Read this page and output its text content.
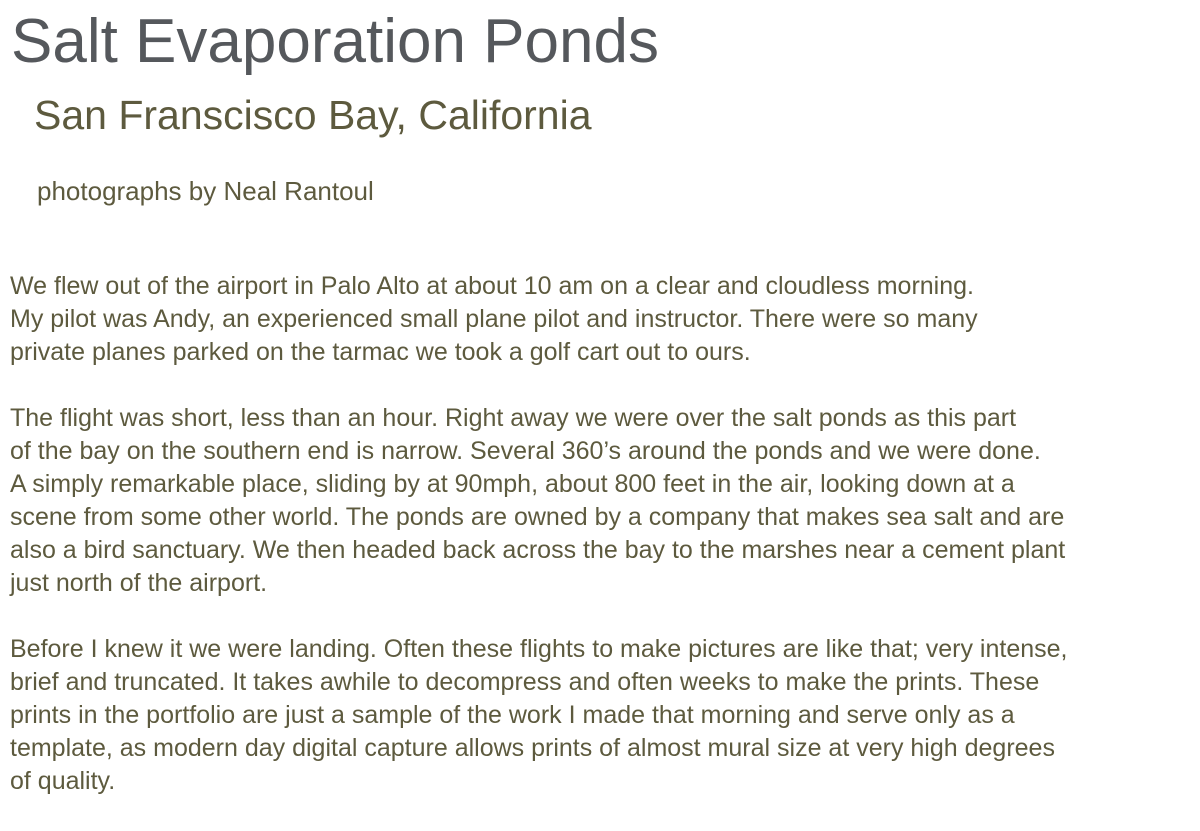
Salt Evaporation Ponds
San Franscisco Bay, California

photographs by Neal Rantoul

We flew out of the airport in Palo Alto at about 10 am on a clear and cloudless morning.
My pilot was Andy, an experienced small plane pilot and instructor. There were so many
private planes parked on the tarmac we took a golf cart out to ours.

The flight was short, less than an hour. Right away we were over the salt ponds as this part
of the bay on the southern end is narrow. Several 360’s around the ponds and we were done.
A simply remarkable place, sliding by at 90mph, about 800 feet in the air, looking down at a
scene from some other world. The ponds are owned by a company that makes sea salt and are
also a bird sanctuary. We then headed back across the bay to the marshes near a cement plant
just north of the airport.

Before I knew it we were landing. Often these flights to make pictures are like that; very intense,
brief and truncated. It takes awhile to decompress and often weeks to make the prints. These
prints in the portfolio are just a sample of the work I made that morning and serve only as a
template, as modern day digital capture allows prints of almost mural size at very high degrees
of quality.
